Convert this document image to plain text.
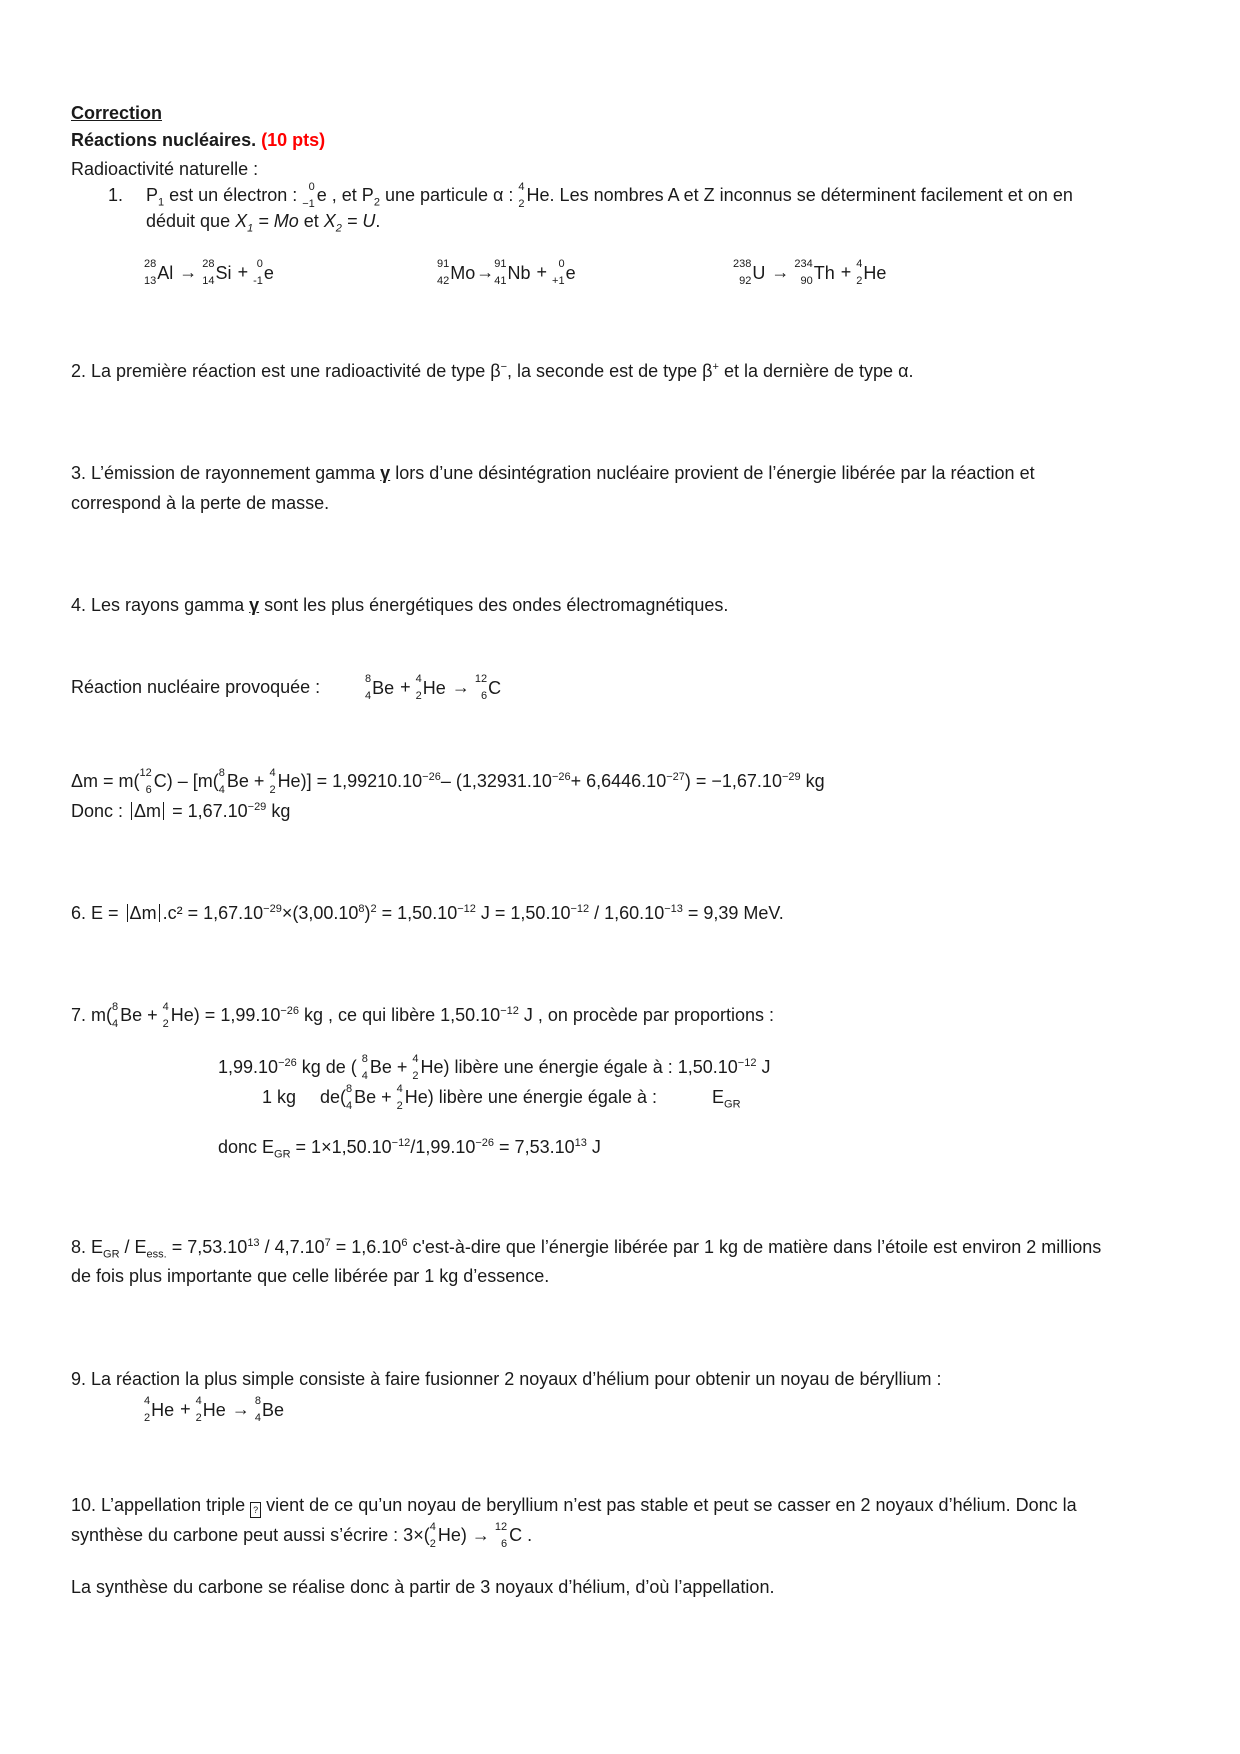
Correction
Réactions nucléaires. (10 pts)
Radioactivité naturelle :
1. $P_1$ est un électron : 0
−1 e , et $P_2$ une particule α : 4
2 He. Les nombres A et Z inconnus se déterminent facilement et on en
déduit que $X_1 = Mo$ et $X_2 = U$.
28
13 Al → 28
14 Si + 0
-1 e	91
42 Mo → 91
41 Nb + 0
+1 e	238
92 U → 234
90 Th + 4
2 He
2. La première réaction est une radioactivité de type β−, la seconde est de type β+ et la dernière de type α.
3. L’émission de rayonnement gamma γ lors d’une désintégration nucléaire provient de l’énergie libérée par la réaction et
correspond à la perte de masse.
4. Les rayons gamma γ sont les plus énergétiques des ondes électromagnétiques.
Réaction nucléaire provoquée :	8
4 Be + 4
2 He → 12
6 C
Δm = m( 12
6 C) – [m( 8
4 Be + 4
2 $He)] = 1,99210.10^{-26}-$ $(1,32931.10^{-26}+ 6,6446.10^{-27}) = -1,67.10^{-29}$ kg
Donc : $\Delta m = 1,67.10^{-29}$ kg
6. E = Δm $.c^2 = 1,67.10^{-29}\times(3,00.10^8)^2 = 1,50.10^{-12}$ $J = 1,50.10^{-12} / 1,60.10^{-13} = 9,39$ MeV.
7. m( 8
4 Be + 4
2 $He) = 1,99.10^{-26}$ kg , ce qui libère $1,50.10^{-12}$ J , on procède par proportions :
$1,99.10^{-26}$ kg de ( 8
4 Be + 4
2 He) libère une énergie égale à : $1,50.10^{-12}$ J
1 kg de( 8
4 Be + 4
2 He) libère une énergie égale à :	$E_{GR}$
donc $E_{GR} = 1\times 1,50.10^{-12}/1,99.10^{-26} = 7,53.10^{13}$ J
8. $E_{GR} / E_{ess.} = 7,53.10^{13} / 4,7.10^7 = 1,6.10^6$ c'est-à-dire que l’énergie libérée par 1 kg de matière dans l’étoile est environ 2 millions
de fois plus importante que celle libérée par 1 kg d’essence.
9. La réaction la plus simple consiste à faire fusionner 2 noyaux d’hélium pour obtenir un noyau de béryllium :
4
2 He + 4
2 He → 8
4 Be
10. L’appellation triple ? vient de ce qu’un noyau de beryllium n’est pas stable et peut se casser en 2 noyaux d’hélium. Donc la
synthèse du carbone peut aussi s’écrire : 3×( 4
2 He) → 12
6 C .
La synthèse du carbone se réalise donc à partir de 3 noyaux d’hélium, d’où l’appellation.
